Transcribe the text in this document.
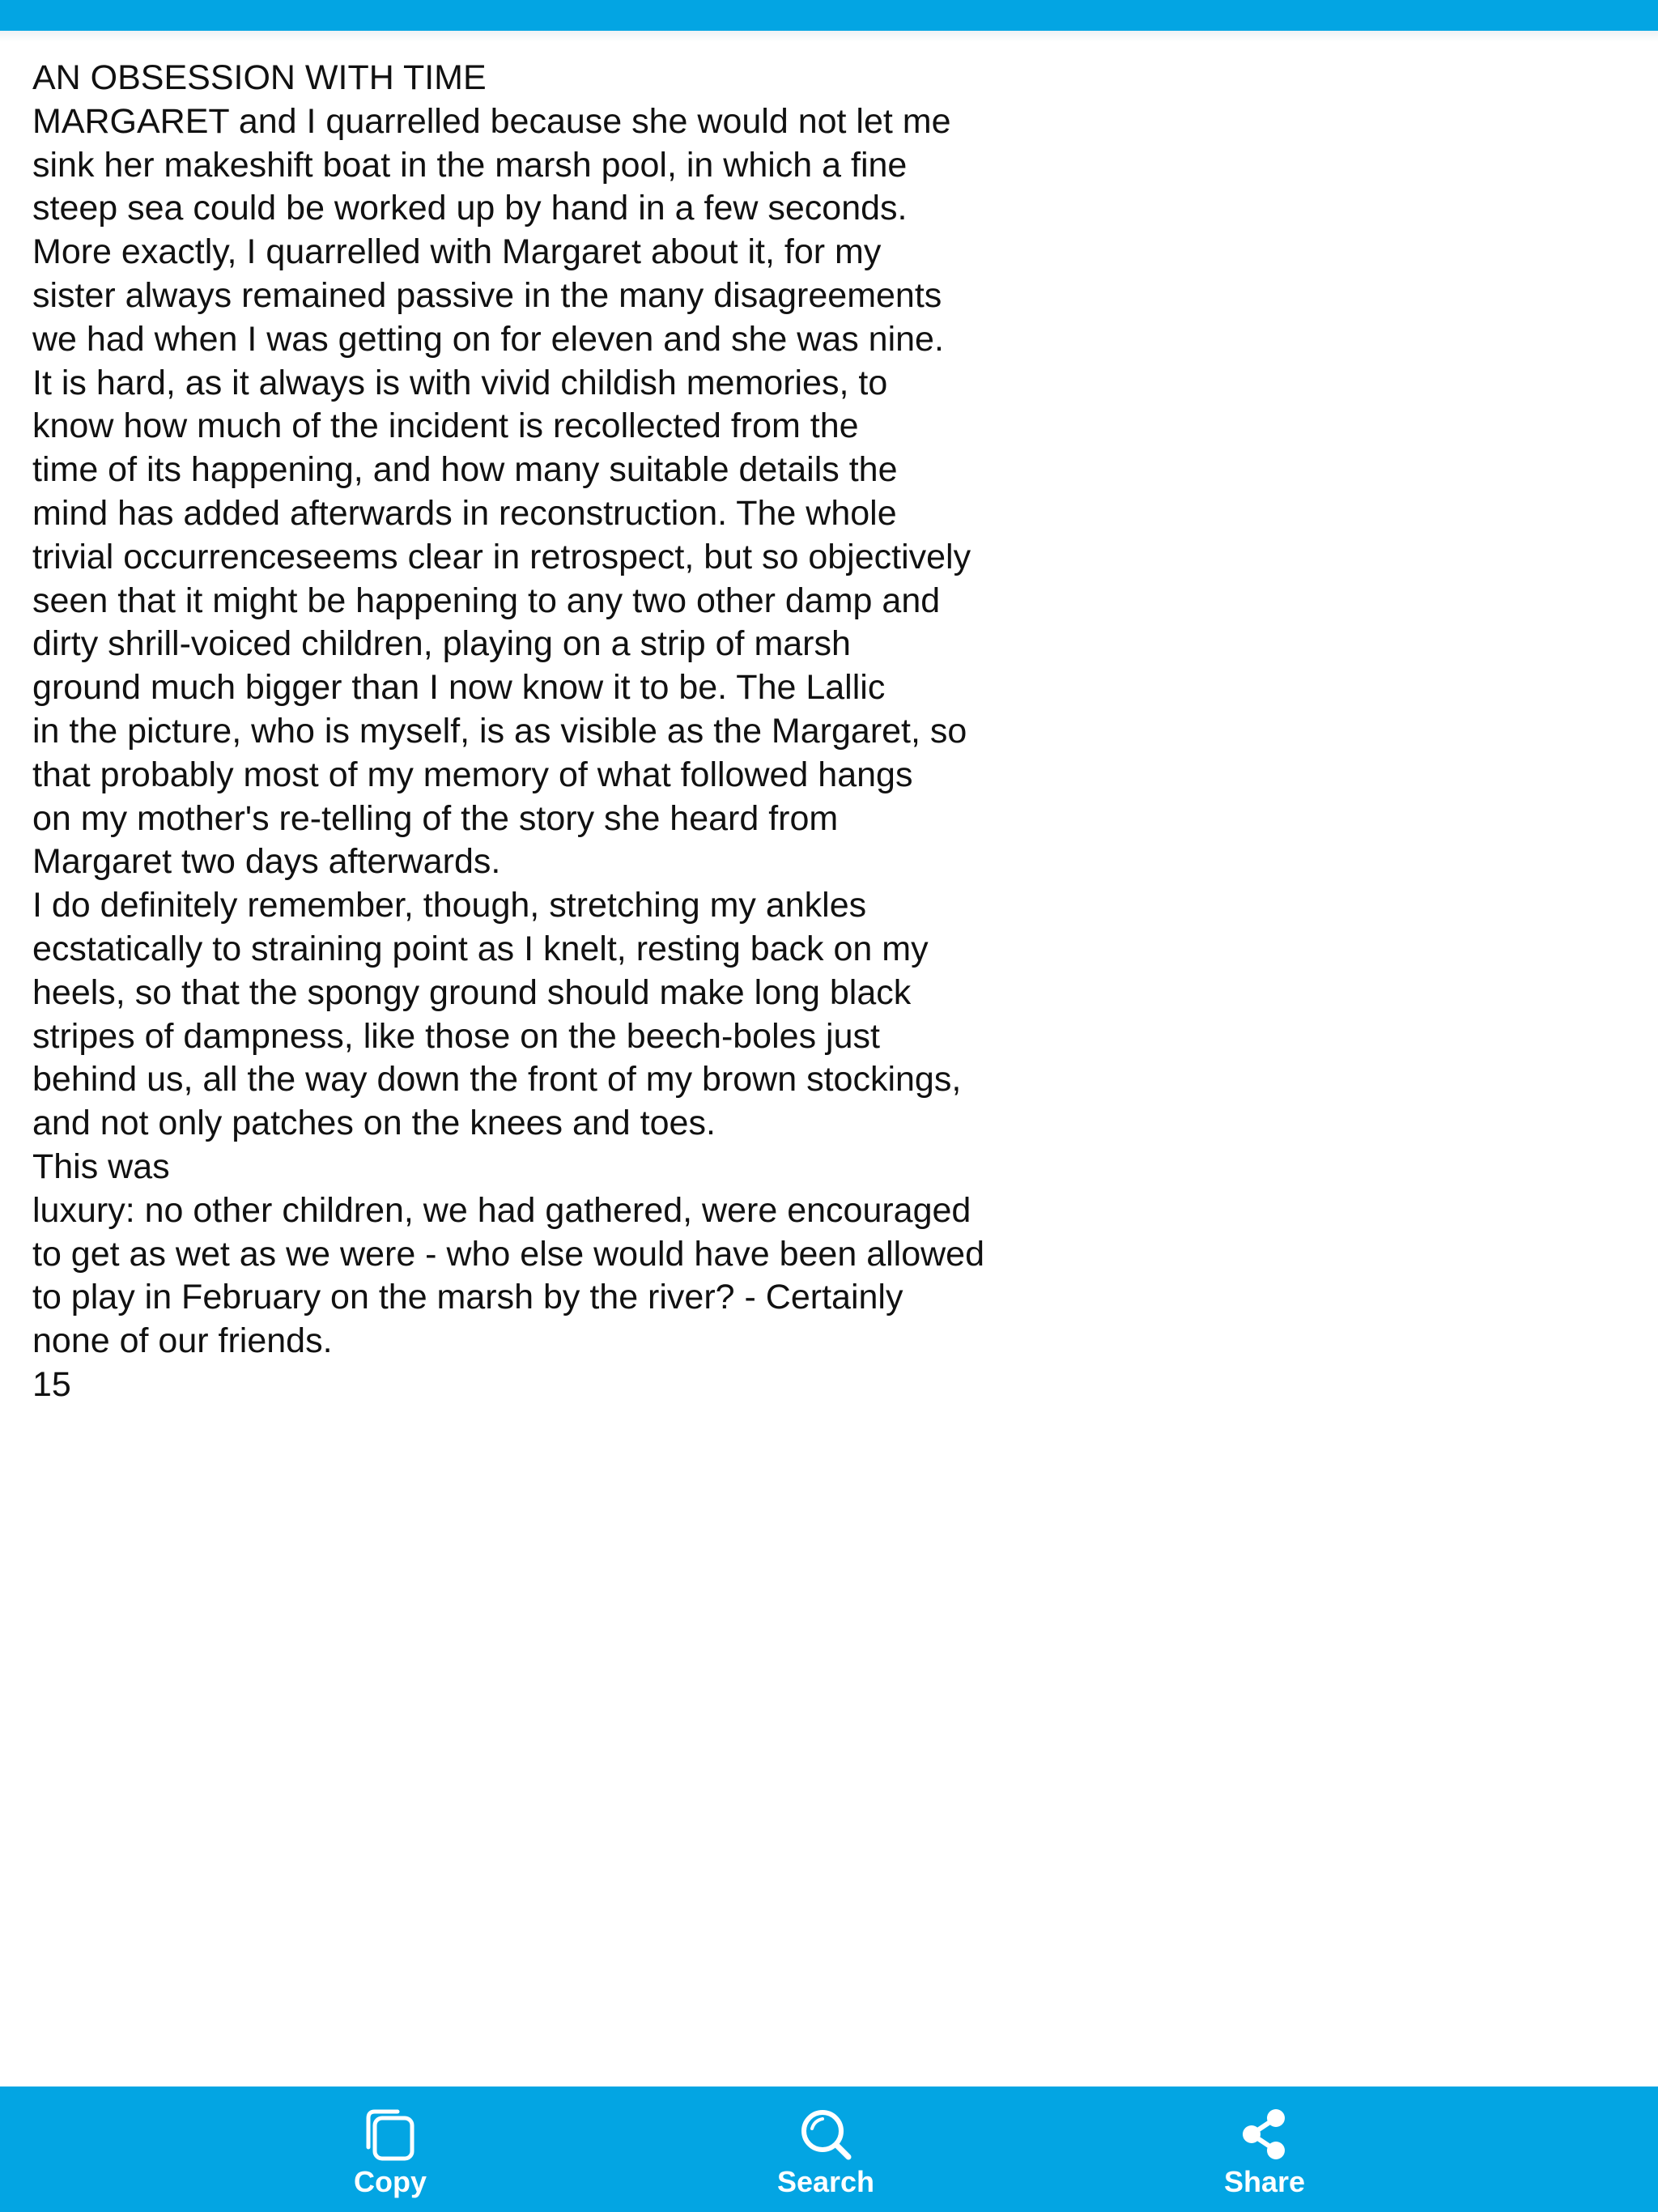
AN OBSESSION WITH TIME
MARGARET and I quarrelled because she would not let me
sink her makeshift boat in the marsh pool, in which a fine
steep sea could be worked up by hand in a few seconds.
More exactly, I quarrelled with Margaret about it, for my
sister always remained passive in the many disagreements
we had when I was getting on for eleven and she was nine.
It is hard, as it always is with vivid childish memories, to
know how much of the incident is recollected from the
time of its happening, and how many suitable details the
mind has added afterwards in reconstruction. The whole
trivial occurrenceseems clear in retrospect, but so objectively
seen that it might be happening to any two other damp and
dirty shrill-voiced children, playing on a strip of marsh
ground much bigger than I now know it to be. The Lallic
in the picture, who is myself, is as visible as the Margaret, so
that probably most of my memory of what followed hangs
on my mother's re-telling of the story she heard from
Margaret two days afterwards.
I do definitely remember, though, stretching my ankles
ecstatically to straining point as I knelt, resting back on my
heels, so that the spongy ground should make long black
stripes of dampness, like those on the beech-boles just
behind us, all the way down the front of my brown stockings,
and not only patches on the knees and toes.
This was
luxury: no other children, we had gathered, were encouraged
to get as wet as we were - who else would have been allowed
to play in February on the marsh by the river? - Certainly
none of our friends.
15
Copy	Search	Share
